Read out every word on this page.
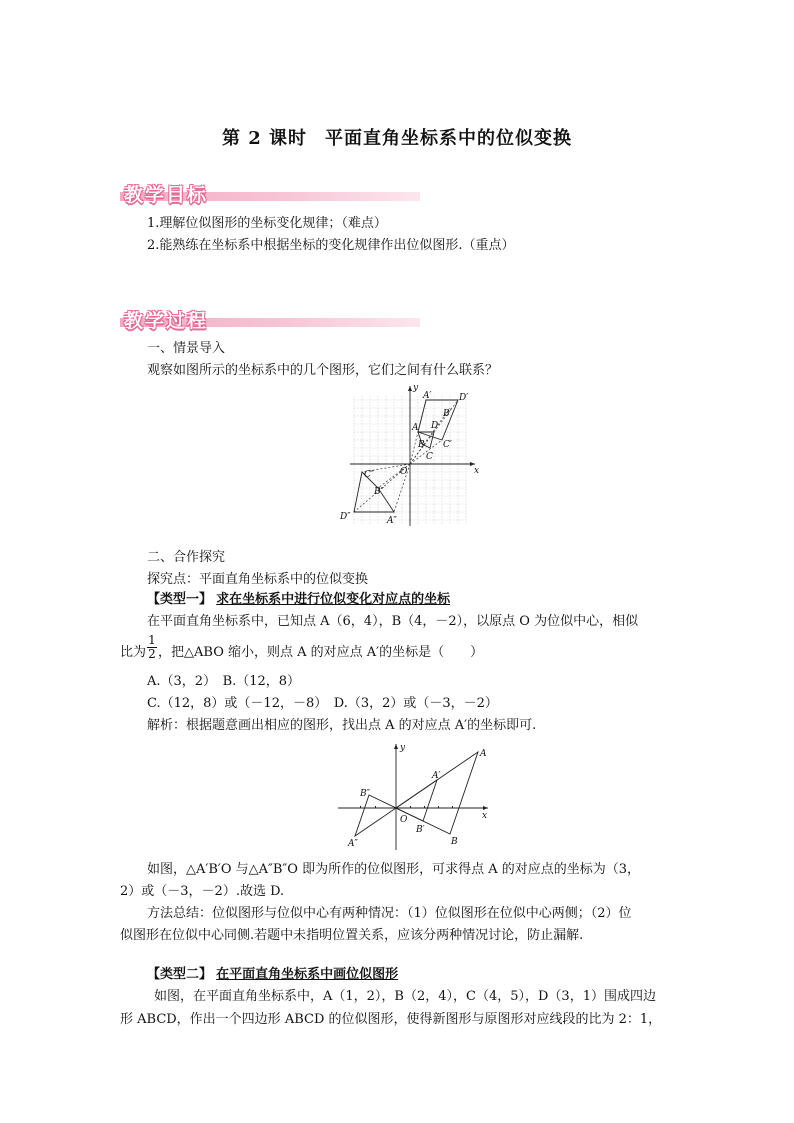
第 2 课时 平面直角坐标系中的位似变换
教学目标
1.理解位似图形的坐标变化规律；（难点）
2.能熟练在坐标系中根据坐标的变化规律作出位似图形.（重点）
教学过程
一、情景导入
观察如图所示的坐标系中的几个图形，它们之间有什么联系？
y
x
O
A′	D′
B′
C′
A D
B
C
C″
B″
D″	A″
二、合作探究
探究点：平面直角坐标系中的位似变换
【类型一】 求在坐标系中进行位似变化对应点的坐标
在平面直角坐标系中，已知点 A（6，4），B（4，－2），以原点 O 为位似中心，相似
比为 ，把△ABO 缩小，则点 A 的对应点 A′的坐标是（　　）
1
2
A.（3，2）　B.（12，8）
C.（12，8）或（－12，－8）　D.（3，2）或（－3，－2）
解析：根据题意画出相应的图形，找出点 A 的对应点 A′的坐标即可.
y
x
O
A
A′
B
B′
B″
A″
如图，△A′B′O 与△A″B″O 即为所作的位似图形，可求得点 A 的对应点的坐标为（3，
2）或（－3，－2）.故选 D.
方法总结：位似图形与位似中心有两种情况：（1）位似图形在位似中心两侧；（2）位
似图形在位似中心同侧.若题中未指明位置关系，应该分两种情况讨论，防止漏解.
【类型二】 在平面直角坐标系中画位似图形
如图，在平面直角坐标系中，A（1，2），B（2，4），C（4，5），D（3，1）围成四边
形 ABCD，作出一个四边形 ABCD 的位似图形，使得新图形与原图形对应线段的比为 2：1，
